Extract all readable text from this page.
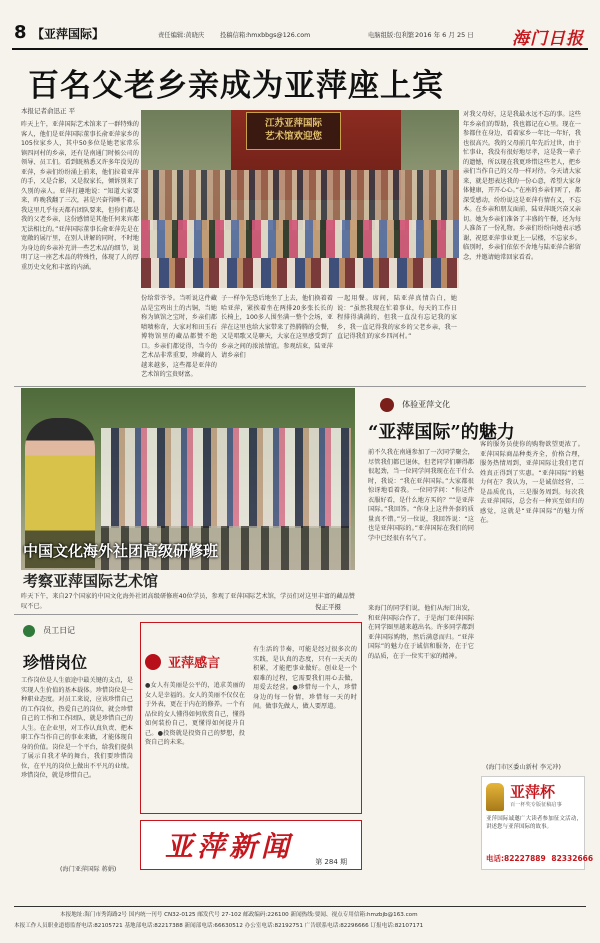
8 【亚萍国际】	责任编辑:黄晓庆	投稿信箱:hmxbbgs@126.com	电脑组版:包利繁 2016 年 6 月 25 日 海门日报
百名父老乡亲成为亚萍座上宾
本报记者俞迅正 平
昨天上午，亚萍国际艺术馆来了一群特殊的客人，他们是亚萍国际董事长俞亚萍家乡的105位家乡人，其中50多位是她老家常乐镇四河村的乡亲，还有是南通门时候公司的领导、员工们。看到既熟悉又许多年没见的亚萍，乡亲们纷纷涌上前来，他们拉着亚萍的手，又是合影，又是叙家长，倾诉别来了久别的亲人。亚萍打趣地说：“知道大家要来，昨晚我翻了三次，甚是兴奋得睡不着。我这里几乎每天都有团队要来，但你们都是我的父老乡亲，这份感情是其他任何来宾都无法相比的。”亚萍国际董事长俞亚萍先是在宽敞的展厅里，在别人讲解的同时，不时地为身边的乡亲补充讲一些艺术品的细节，说明了这一座艺术品的特殊性，体现了人的厚重历史文化和丰富的内涵。
江苏亚萍国际
艺术馆欢迎您
份给常爷爷。当听说这件藏品是宝鸡出土的古铜，当她称为镇馆之宝时，乡亲们都啧啧称奇，大家对和田玉石博物馆里的藏品都赞不绝口。乡亲们都觉得，当今的艺术品非常重要，珍藏的人越来越多，这些都是亚萍的艺术馆的宝贵财富。
子一样争先恐后地坐了上去，他们换着着哈亚萍，紧挨着坐在两排20多张长长的长椅上，100多人围坐满一整个会场，亚萍在这里也给大家带来了热腾腾的会餐，又是唱歌又是聊天，大家在这里感受到了乡亲之间的浓浓情谊。参观结束，陆亚萍请乡亲们
一起用餐。席间，陆亚萍真情告白，她说：“虽然我现在忙着事业，每天的工作日程排得满满的，但我一直没有忘记我的家乡，我一直记得我的家乡的父老乡亲，我一直记得我们的家乡四河村。”
对我父母好，这是我最永远不忘的事。这些年乡亲们的帮助，我也都记在心里。现在一参都住在身边，看着家乡一年比一年好，我也很高兴。我的父母前几年先后过世，由于忙事业，我没有很好地尽孝，这是我一辈子的遗憾，所以现在我更珍惜这些老人，把乡亲们当作自己的父母一样对待。今天请大家来，就是想表达我的一份心意，希望大家身体健康，开开心心。”在座的乡亲们听了，都深受感动，纷纷说这是亚萍有情有义，不忘本。在乡亲和朋友面前，陆亚萍既兴奋又亲切。她为乡亲们准备了丰盛的午餐，还为每人准备了一份礼物。乡亲们纷纷向她表示感谢，祝愿亚萍事业更上一层楼，不忘家乡。临别时，乡亲们依依不舍地与陆亚萍合影留念，并邀请她常回家看看。
中国文化海外社团高级研修班
考察亚萍国际艺术馆
昨天下午，来自27个国家的中国文化海外社团高级研修班40位学员，参观了亚萍国际艺术馆，学员们对这里丰富的藏品赞叹不已。	倪正平摄
体验亚萍文化
“亚萍国际”的魅力
前不久我在南通参加了一次同学聚会，尽管我们都已退休，但老同学们聊得都很起劲，当一位同学问我现在在干什么时，我说：“我在亚萍国际。”大家都很惊讶地看着我。一位同学问：“你这件衣服好看，是什么地方买的？”“是亚萍国际。”我回答。“你身上这件外套的质量真不错。”另一位说，我回答说：“这也是亚萍国际的。”亚萍国际在我们的同学中已经很有名气了。
来海门的同学们说，他们从海门出发，和亚萍国际合作了，于是海门亚萍国际在同学圈里越来越出名。许多同学都到亚萍国际购物，然后满意而归。“亚萍国际”的魅力在于诚信和服务，在于它的品质，在于一位实干家的精神。
客的服务员使你的购物欲望更浓了。亚萍国际商品种类齐全，价格合理，服务热情周到，亚萍国际让我们老百姓真正得到了实惠。“亚萍国际”的魅力何在？我认为，一是诚信经营，二是品质优良，三是服务周到。每次我去亚萍国际，总会有一种宾至如归的感觉，这就是“亚萍国际”的魅力所在。
(海门市区委山新村 李元冲)
员工日记
珍惜岗位
工作岗位是人生旅途中最关键的支点，是实现人生价值的基本载体。珍惜岗位是一种职业态度。对员工来说，应该珍惜自己的工作岗位，热爱自己的岗位，就会珍惜自己的工作和工作团队，就是珍惜自己的人生。在企业里，对工作认真负责、把本职工作当作自己的事业来做，才能体现自身的价值。岗位是一个平台，给我们提供了展示自我才华的舞台，我们要珍惜岗位，在平凡的岗位上做出不平凡的业绩。珍惜岗位，就是珍惜自己。
(海门亚萍国际 蒋娟)
亚萍感言
●女人有美丽是公平的，追求美丽的女人是幸福的。女人的美丽不仅仅在于外表，更在于内在的修养。一个有品位的女人懂得如何欣赏自己，懂得如何装扮自己，更懂得如何提升自己。●投资就是投资自己的梦想，投资自己的未来。
有生活的节奏，可能是经过很多次的实践，是认真的态度，只有一天天的积累，才能把事业做好。创业是一个艰难的过程，它需要我们用心去做，用爱去经营。●珍惜每一个人，珍惜身边的每一份情，珍惜每一天的时间。做事先做人，做人要厚道。
亚萍杯
百一杯奖专版征稿启事
亚萍国际诚邀广大读者参加征文活动，讲述您与亚萍国际的故事。
电话:82227889 82332666
亚萍新闻	第 284 期
本报地址:海门市秀海路2号 国内统一刊号 CN32-0125 邮发代号 27-102 邮政编码:226100 新闻热线:要闻、视点专用信箱:hmzbjb@163.com
本报工作人员职业道德监督电话:82105721 基地部电话:82217388 新闻部电话:66630512 办公室电话:82192751 广告联系电话:82296666 订报电话:82107171
